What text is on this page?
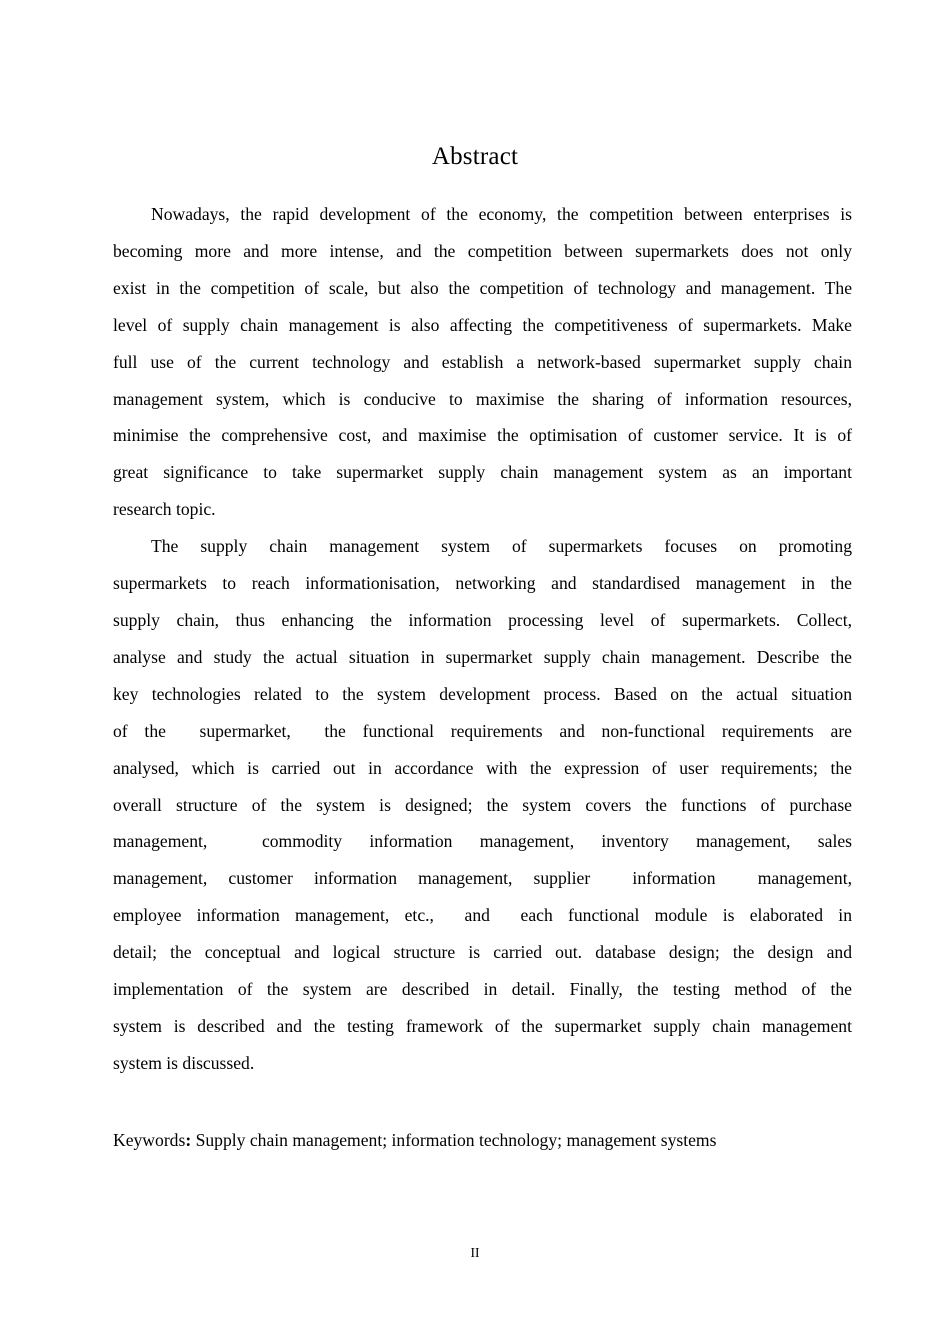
Abstract

Nowadays, the rapid development of the economy, the competition between enterprises is
becoming more and more intense, and the competition between supermarkets does not only
exist in the competition of scale, but also the competition of technology and management. The
level of supply chain management is also affecting the competitiveness of supermarkets. Make
full use of the current technology and establish a network-based supermarket supply chain
management system, which is conducive to maximise the sharing of information resources,
minimise the comprehensive cost, and maximise the optimisation of customer service. It is of
great significance to take supermarket supply chain management system as an important
research topic.

The supply chain management system of supermarkets focuses on promoting
supermarkets to reach informationisation, networking and standardised management in the
supply chain, thus enhancing the information processing level of supermarkets. Collect,
analyse and study the actual situation in supermarket supply chain management. Describe the
key technologies related to the system development process. Based on the actual situation
of the  supermarket,  the functional requirements and non-functional requirements are
analysed, which is carried out in accordance with the expression of user requirements; the
overall structure of the system is designed; the system covers the functions of purchase
management,  commodity information management, inventory management, sales
management, customer information management, supplier  information  management,
employee information management, etc.,  and  each functional module is elaborated in
detail; the conceptual and logical structure is carried out. database design; the design and
implementation of the system are described in detail. Finally, the testing method of the
system is described and the testing framework of the supermarket supply chain management
system is discussed.

Keywords: Supply chain management; information technology; management systems
II
